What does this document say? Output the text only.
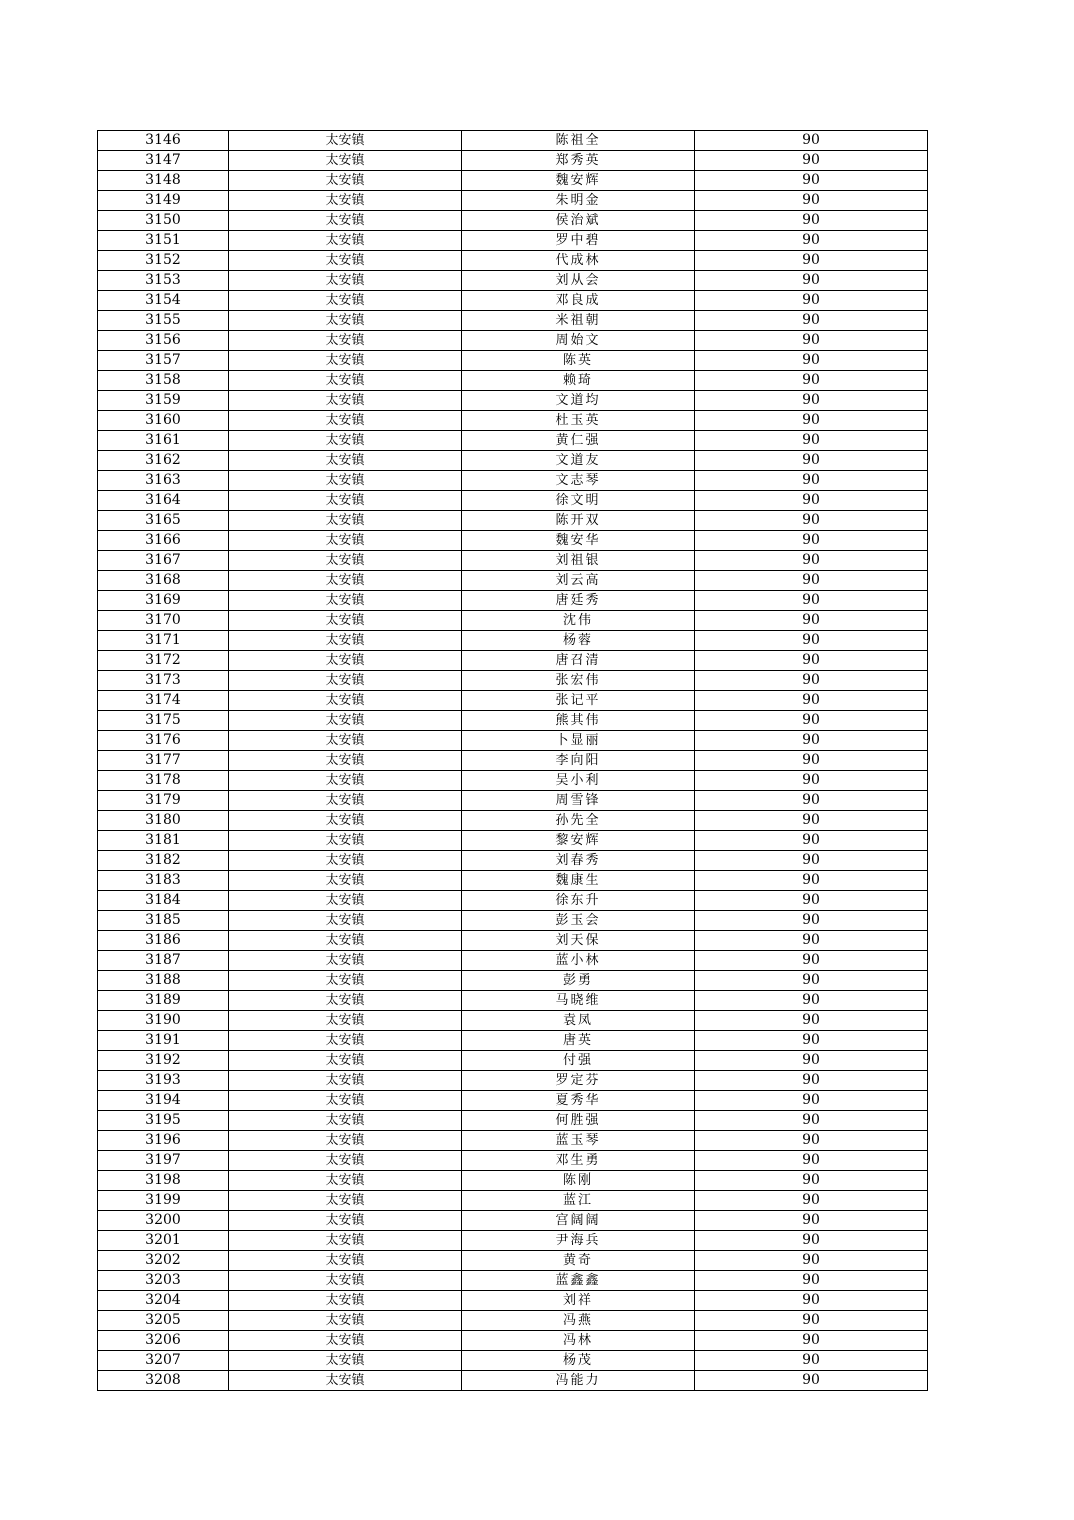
3146	太安镇	陈祖全	90
3147	太安镇	郑秀英	90
3148	太安镇	魏安辉	90
3149	太安镇	朱明金	90
3150	太安镇	侯治斌	90
3151	太安镇	罗中碧	90
3152	太安镇	代成林	90
3153	太安镇	刘从会	90
3154	太安镇	邓良成	90
3155	太安镇	米祖朝	90
3156	太安镇	周始文	90
3157	太安镇	陈英	90
3158	太安镇	赖琦	90
3159	太安镇	文道均	90
3160	太安镇	杜玉英	90
3161	太安镇	黄仁强	90
3162	太安镇	文道友	90
3163	太安镇	文志琴	90
3164	太安镇	徐文明	90
3165	太安镇	陈开双	90
3166	太安镇	魏安华	90
3167	太安镇	刘祖银	90
3168	太安镇	刘云高	90
3169	太安镇	唐廷秀	90
3170	太安镇	沈伟	90
3171	太安镇	杨蓉	90
3172	太安镇	唐召清	90
3173	太安镇	张宏伟	90
3174	太安镇	张记平	90
3175	太安镇	熊其伟	90
3176	太安镇	卜显丽	90
3177	太安镇	李向阳	90
3178	太安镇	吴小利	90
3179	太安镇	周雪锋	90
3180	太安镇	孙先全	90
3181	太安镇	黎安辉	90
3182	太安镇	刘春秀	90
3183	太安镇	魏康生	90
3184	太安镇	徐东升	90
3185	太安镇	彭玉会	90
3186	太安镇	刘天保	90
3187	太安镇	蓝小林	90
3188	太安镇	彭勇	90
3189	太安镇	马晓维	90
3190	太安镇	袁凤	90
3191	太安镇	唐英	90
3192	太安镇	付强	90
3193	太安镇	罗定芬	90
3194	太安镇	夏秀华	90
3195	太安镇	何胜强	90
3196	太安镇	蓝玉琴	90
3197	太安镇	邓生勇	90
3198	太安镇	陈刚	90
3199	太安镇	蓝江	90
3200	太安镇	宫阔阔	90
3201	太安镇	尹海兵	90
3202	太安镇	黄奇	90
3203	太安镇	蓝鑫鑫	90
3204	太安镇	刘祥	90
3205	太安镇	冯燕	90
3206	太安镇	冯林	90
3207	太安镇	杨茂	90
3208	太安镇	冯能力	90
